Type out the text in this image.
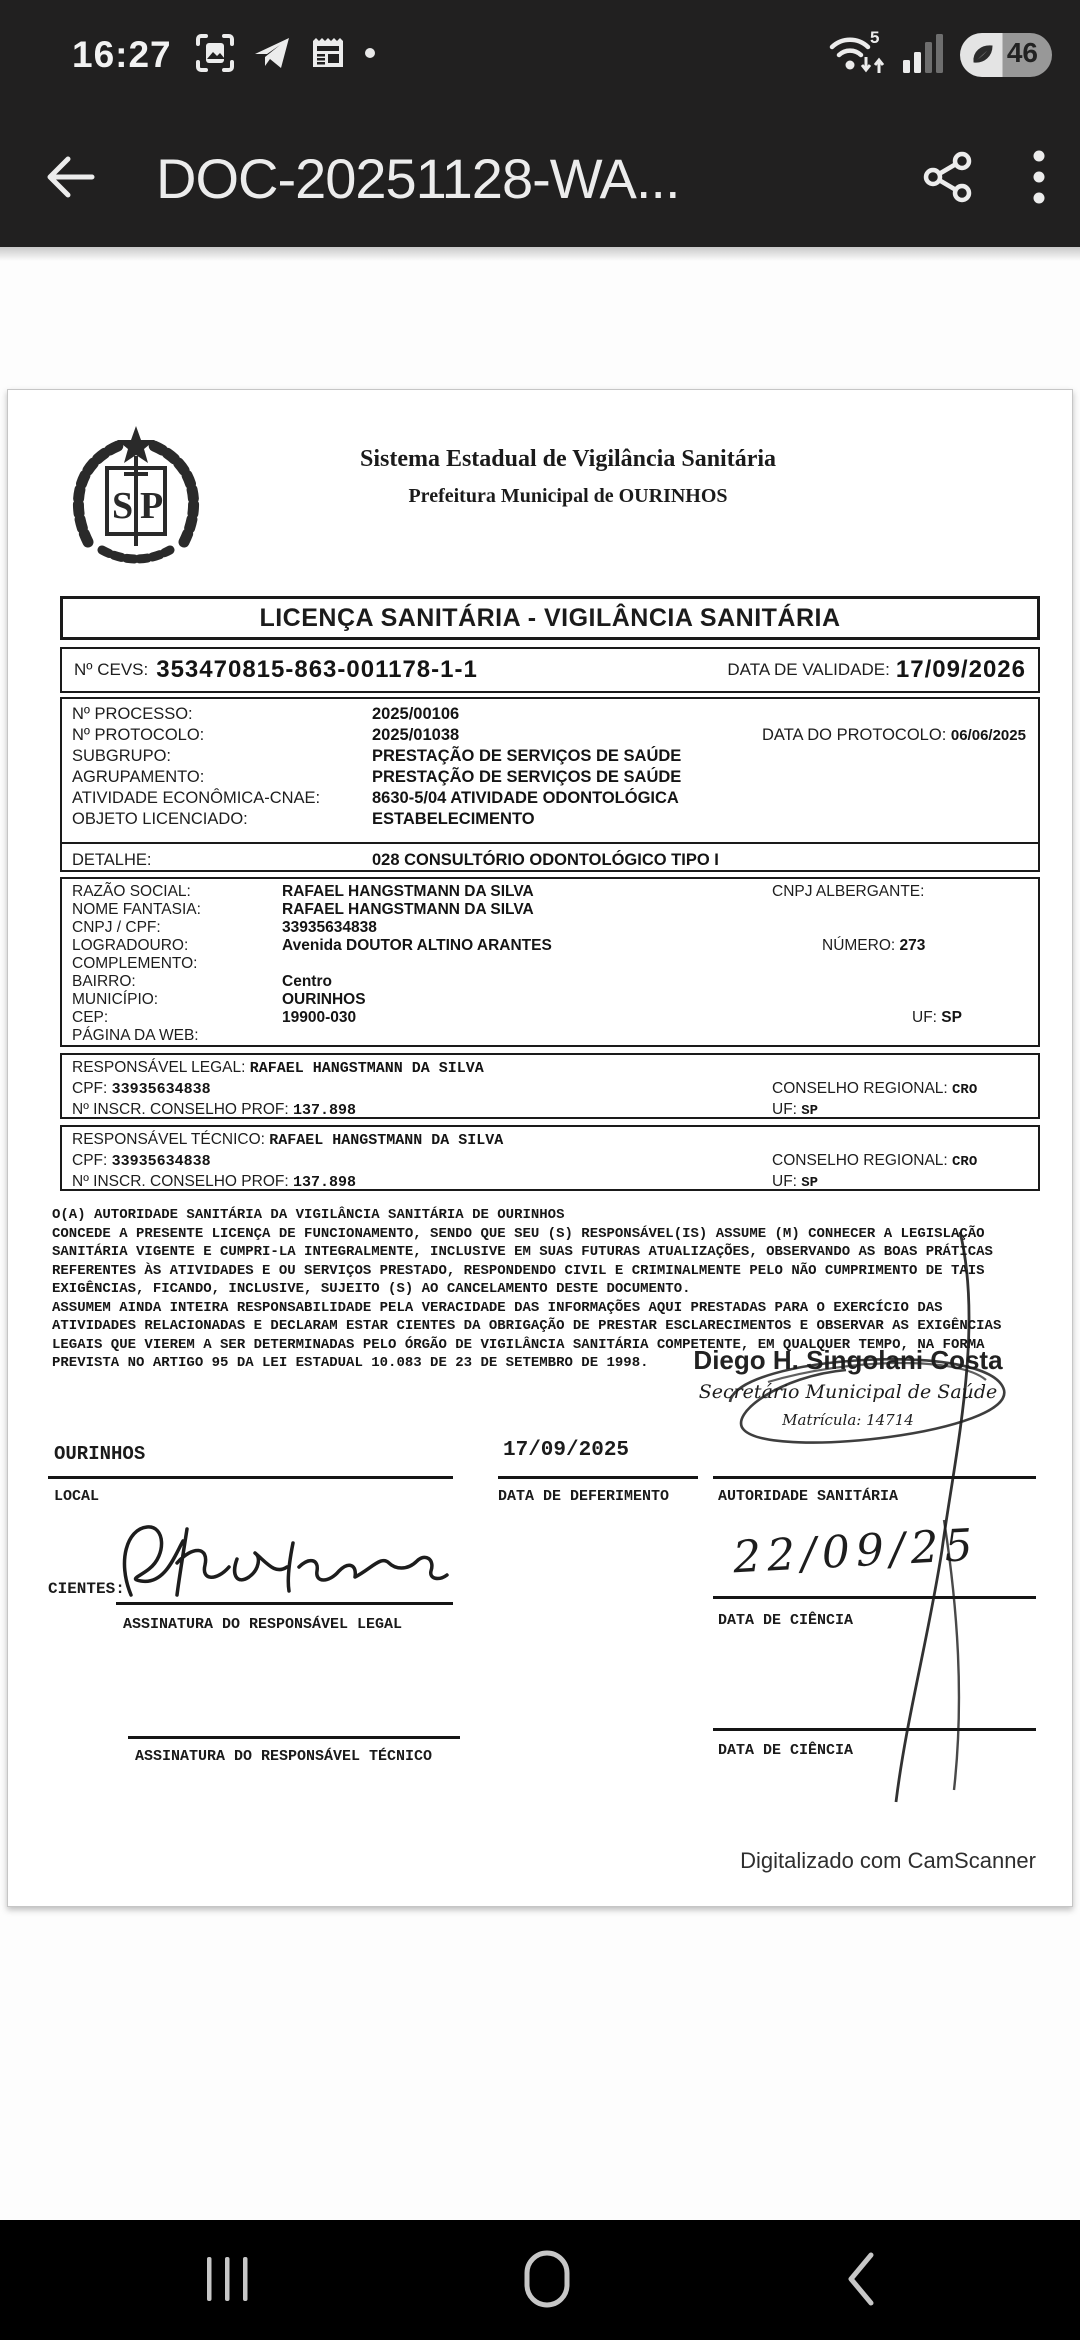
16:27	5	46
DOC-20251128-WA...
S P
Sistema Estadual de Vigilância Sanitária
Prefeitura Municipal de OURINHOS
LICENÇA SANITÁRIA - VIGILÂNCIA SANITÁRIA
Nº CEVS: 353470815-863-001178-1-1	DATA DE VALIDADE: 17/09/2026
Nº PROCESSO:	2025/00106
Nº PROTOCOLO:	2025/01038	DATA DO PROTOCOLO: 06/06/2025
SUBGRUPO:	PRESTAÇÃO DE SERVIÇOS DE SAÚDE
AGRUPAMENTO:	PRESTAÇÃO DE SERVIÇOS DE SAÚDE
ATIVIDADE ECONÔMICA-CNAE:	8630-5/04 ATIVIDADE ODONTOLÓGICA
OBJETO LICENCIADO:	ESTABELECIMENTO
DETALHE:	028 CONSULTÓRIO ODONTOLÓGICO TIPO I
RAZÃO SOCIAL:	RAFAEL HANGSTMANN DA SILVA	CNPJ ALBERGANTE:
NOME FANTASIA:	RAFAEL HANGSTMANN DA SILVA
CNPJ / CPF:	33935634838
LOGRADOURO:	Avenida DOUTOR ALTINO ARANTES	NÚMERO: 273
COMPLEMENTO:
BAIRRO:	Centro
MUNICÍPIO:	OURINHOS
CEP:	19900-030	UF: SP
PÁGINA DA WEB:
RESPONSÁVEL LEGAL: RAFAEL HANGSTMANN DA SILVA
CPF: 33935634838	CONSELHO REGIONAL: CRO
Nº INSCR. CONSELHO PROF: 137.898	UF: SP
RESPONSÁVEL TÉCNICO: RAFAEL HANGSTMANN DA SILVA
CPF: 33935634838	CONSELHO REGIONAL: CRO
Nº INSCR. CONSELHO PROF: 137.898	UF: SP
O(A) AUTORIDADE SANITÁRIA DA VIGILÂNCIA SANITÁRIA DE OURINHOS
CONCEDE A PRESENTE LICENÇA DE FUNCIONAMENTO, SENDO QUE SEU (S) RESPONSÁVEL(IS) ASSUME (M) CONHECER A LEGISLAÇÃO
SANITÁRIA VIGENTE E CUMPRI-LA INTEGRALMENTE, INCLUSIVE EM SUAS FUTURAS ATUALIZAÇÕES, OBSERVANDO AS BOAS PRÁTICAS
REFERENTES ÀS ATIVIDADES E OU SERVIÇOS PRESTADO, RESPONDENDO CIVIL E CRIMINALMENTE PELO NÃO CUMPRIMENTO DE TAIS
EXIGÊNCIAS, FICANDO, INCLUSIVE, SUJEITO (S) AO CANCELAMENTO DESTE DOCUMENTO.
ASSUMEM AINDA INTEIRA RESPONSABILIDADE PELA VERACIDADE DAS INFORMAÇÕES AQUI PRESTADAS PARA O EXERCÍCIO DAS
ATIVIDADES RELACIONADAS E DECLARAM ESTAR CIENTES DA OBRIGAÇÃO DE PRESTAR ESCLARECIMENTOS E OBSERVAR AS EXIGÊNCIAS
LEGAIS QUE VIEREM A SER DETERMINADAS PELO ÓRGÃO DE VIGILÂNCIA SANITÁRIA COMPETENTE, EM QUALQUER TEMPO, NA FORMA
PREVISTA NO ARTIGO 95 DA LEI ESTADUAL 10.083 DE 23 DE SETEMBRO DE 1998.	Diego H. Singolani Costa
Secretário Municipal de Saúde
Matrícula: 14714
OURINHOS
LOCAL
17/09/2025
DATA DE DEFERIMENTO	AUTORIDADE SANITÁRIA
CIENTES:
ASSINATURA DO RESPONSÁVEL LEGAL
22/09/25
DATA DE CIÊNCIA
ASSINATURA DO RESPONSÁVEL TÉCNICO	DATA DE CIÊNCIA
Digitalizado com CamScanner
